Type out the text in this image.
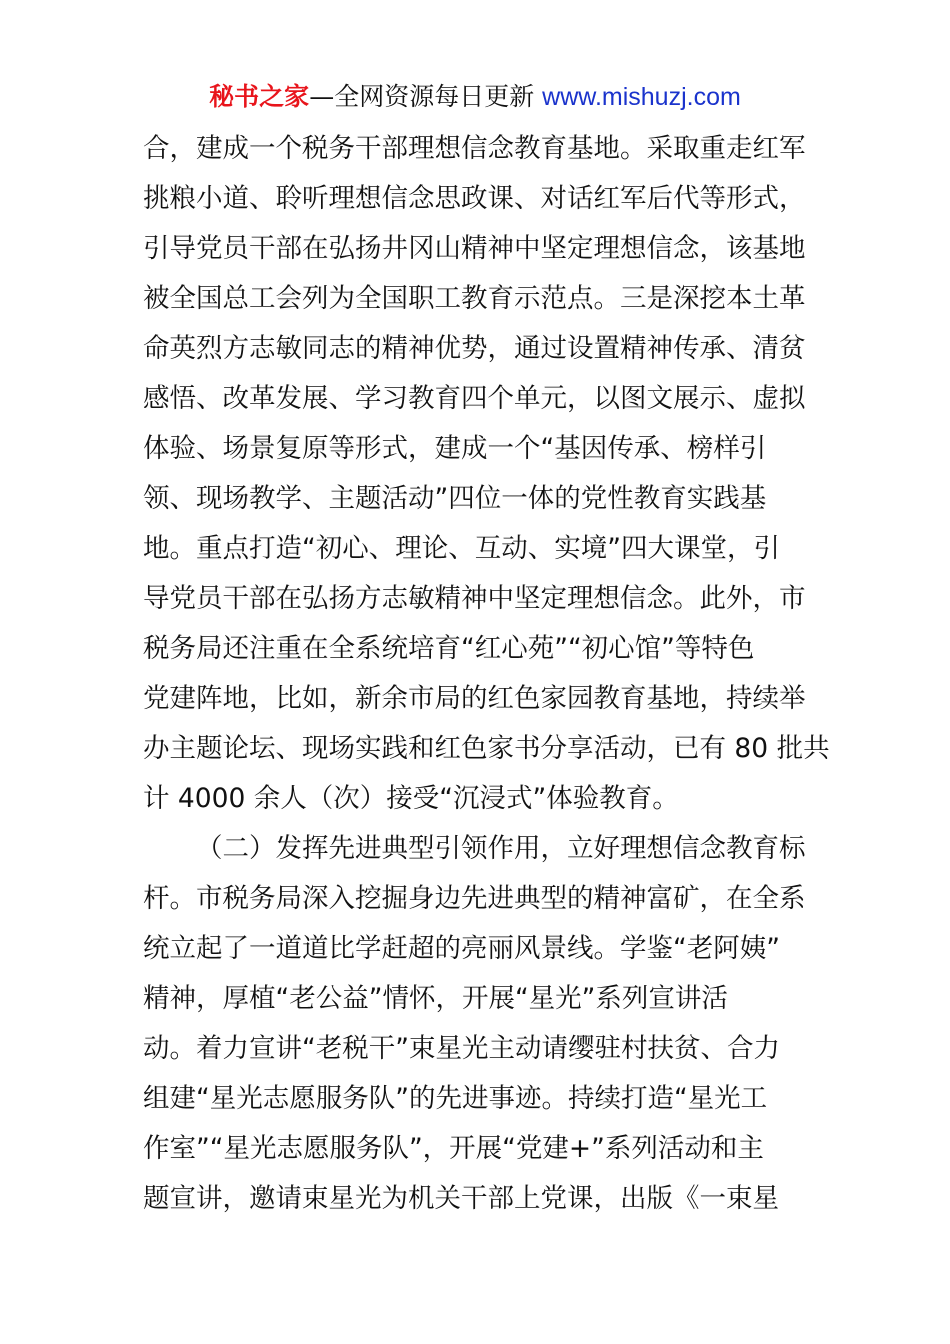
秘书之家—全网资源每日更新 www.mishuzj.com
合，建成一个税务干部理想信念教育基地。采取重走红军
挑粮小道、聆听理想信念思政课、对话红军后代等形式，
引导党员干部在弘扬井冈山精神中坚定理想信念，该基地
被全国总工会列为全国职工教育示范点。三是深挖本土革
命英烈方志敏同志的精神优势，通过设置精神传承、清贫
感悟、改革发展、学习教育四个单元，以图文展示、虚拟
体验、场景复原等形式，建成一个“基因传承、榜样引
领、现场教学、主题活动”四位一体的党性教育实践基
地。重点打造“初心、理论、互动、实境”四大课堂，引
导党员干部在弘扬方志敏精神中坚定理想信念。此外，市
税务局还注重在全系统培育“红心苑”“初心馆”等特色
党建阵地，比如，新余市局的红色家园教育基地，持续举
办主题论坛、现场实践和红色家书分享活动，已有 80 批共
计 4000 余人（次）接受“沉浸式”体验教育。
（二）发挥先进典型引领作用，立好理想信念教育标
杆。市税务局深入挖掘身边先进典型的精神富矿，在全系
统立起了一道道比学赶超的亮丽风景线。学鉴“老阿姨”
精神，厚植“老公益”情怀，开展“星光”系列宣讲活
动。着力宣讲“老税干”束星光主动请缨驻村扶贫、合力
组建“星光志愿服务队”的先进事迹。持续打造“星光工
作室”“星光志愿服务队”，开展“党建+”系列活动和主
题宣讲，邀请束星光为机关干部上党课，出版《一束星
